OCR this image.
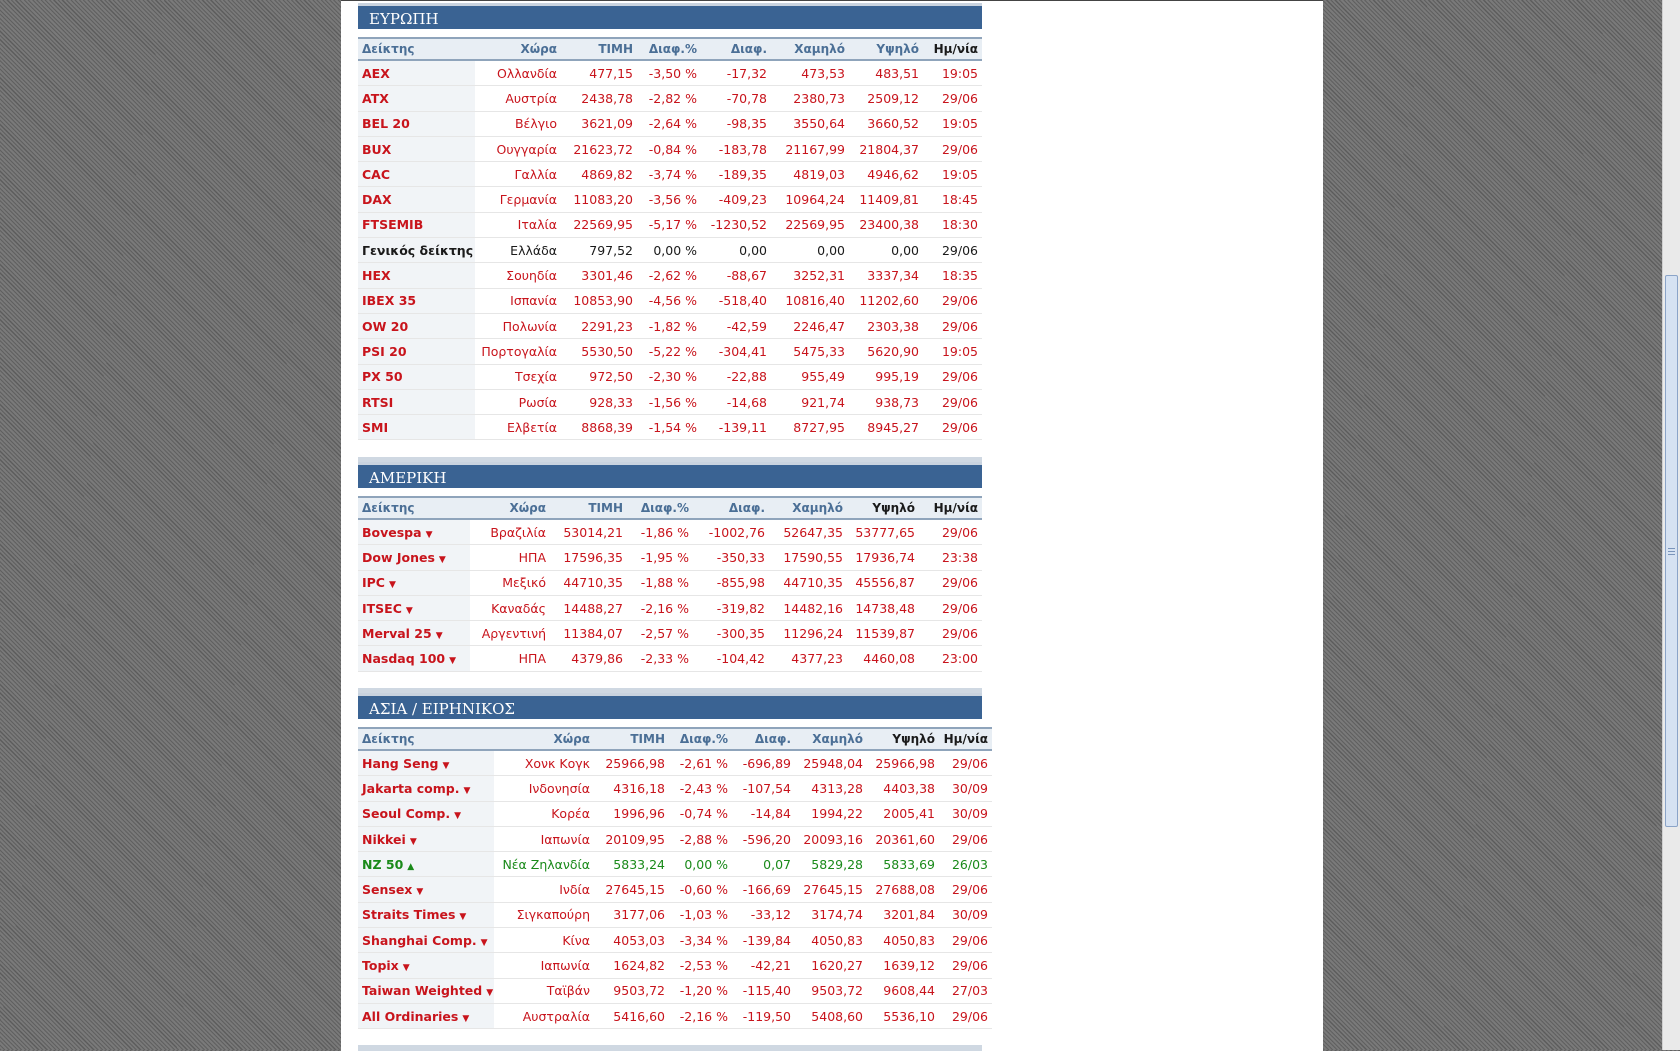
ΕΥΡΩΠΗ
Δείκτης	Χώρα	ΤΙΜΗ	Διαφ.%	Διαφ.	Χαμηλό	Υψηλό	Ημ/νία
AEX	Ολλανδία	477,15	-3,50 %	-17,32	473,53	483,51	19:05
ATX	Αυστρία	2438,78	-2,82 %	-70,78	2380,73	2509,12	29/06
BEL 20	Βέλγιο	3621,09	-2,64 %	-98,35	3550,64	3660,52	19:05
BUX	Ουγγαρία	21623,72	-0,84 %	-183,78	21167,99	21804,37	29/06
CAC	Γαλλία	4869,82	-3,74 %	-189,35	4819,03	4946,62	19:05
DAX	Γερμανία	11083,20	-3,56 %	-409,23	10964,24	11409,81	18:45
FTSEMIB	Ιταλία	22569,95	-5,17 %	-1230,52	22569,95	23400,38	18:30
Γενικός δείκτης	Ελλάδα	797,52	0,00 %	0,00	0,00	0,00	29/06
HEX	Σουηδία	3301,46	-2,62 %	-88,67	3252,31	3337,34	18:35
IBEX 35	Ισπανία	10853,90	-4,56 %	-518,40	10816,40	11202,60	29/06
OW 20	Πολωνία	2291,23	-1,82 %	-42,59	2246,47	2303,38	29/06
PSI 20	Πορτογαλία	5530,50	-5,22 %	-304,41	5475,33	5620,90	19:05
PX 50	Τσεχία	972,50	-2,30 %	-22,88	955,49	995,19	29/06
RTSI	Ρωσία	928,33	-1,56 %	-14,68	921,74	938,73	29/06
SMI	Ελβετία	8868,39	-1,54 %	-139,11	8727,95	8945,27	29/06
ΑΜΕΡΙΚΗ
Δείκτης	Χώρα	ΤΙΜΗ	Διαφ.%	Διαφ.	Χαμηλό	Υψηλό	Ημ/νία
Bovespa ▼	Βραζιλία	53014,21	-1,86 %	-1002,76	52647,35	53777,65	29/06
Dow Jones ▼	ΗΠΑ	17596,35	-1,95 %	-350,33	17590,55	17936,74	23:38
IPC ▼	Μεξικό	44710,35	-1,88 %	-855,98	44710,35	45556,87	29/06
ITSEC ▼	Καναδάς	14488,27	-2,16 %	-319,82	14482,16	14738,48	29/06
Merval 25 ▼	Αργεντινή	11384,07	-2,57 %	-300,35	11296,24	11539,87	29/06
Nasdaq 100 ▼	ΗΠΑ	4379,86	-2,33 %	-104,42	4377,23	4460,08	23:00
ΑΣΙΑ / ΕΙΡΗΝΙΚΟΣ
Δείκτης	Χώρα	ΤΙΜΗ	Διαφ.%	Διαφ.	Χαμηλό	Υψηλό	Ημ/νία
Hang Seng ▼	Χονκ Κογκ	25966,98	-2,61 %	-696,89	25948,04	25966,98	29/06
Jakarta comp. ▼	Ινδονησία	4316,18	-2,43 %	-107,54	4313,28	4403,38	30/09
Seoul Comp. ▼	Κορέα	1996,96	-0,74 %	-14,84	1994,22	2005,41	30/09
Nikkei ▼	Ιαπωνία	20109,95	-2,88 %	-596,20	20093,16	20361,60	29/06
NZ 50 ▲	Νέα Ζηλανδία	5833,24	0,00 %	0,07	5829,28	5833,69	26/03
Sensex ▼	Ινδία	27645,15	-0,60 %	-166,69	27645,15	27688,08	29/06
Straits Times ▼	Σιγκαπούρη	3177,06	-1,03 %	-33,12	3174,74	3201,84	30/09
Shanghai Comp. ▼	Κίνα	4053,03	-3,34 %	-139,84	4050,83	4050,83	29/06
Topix ▼	Ιαπωνία	1624,82	-2,53 %	-42,21	1620,27	1639,12	29/06
Taiwan Weighted ▼	Ταϊβάν	9503,72	-1,20 %	-115,40	9503,72	9608,44	27/03
All Ordinaries ▼	Αυστραλία	5416,60	-2,16 %	-119,50	5408,60	5536,10	29/06
